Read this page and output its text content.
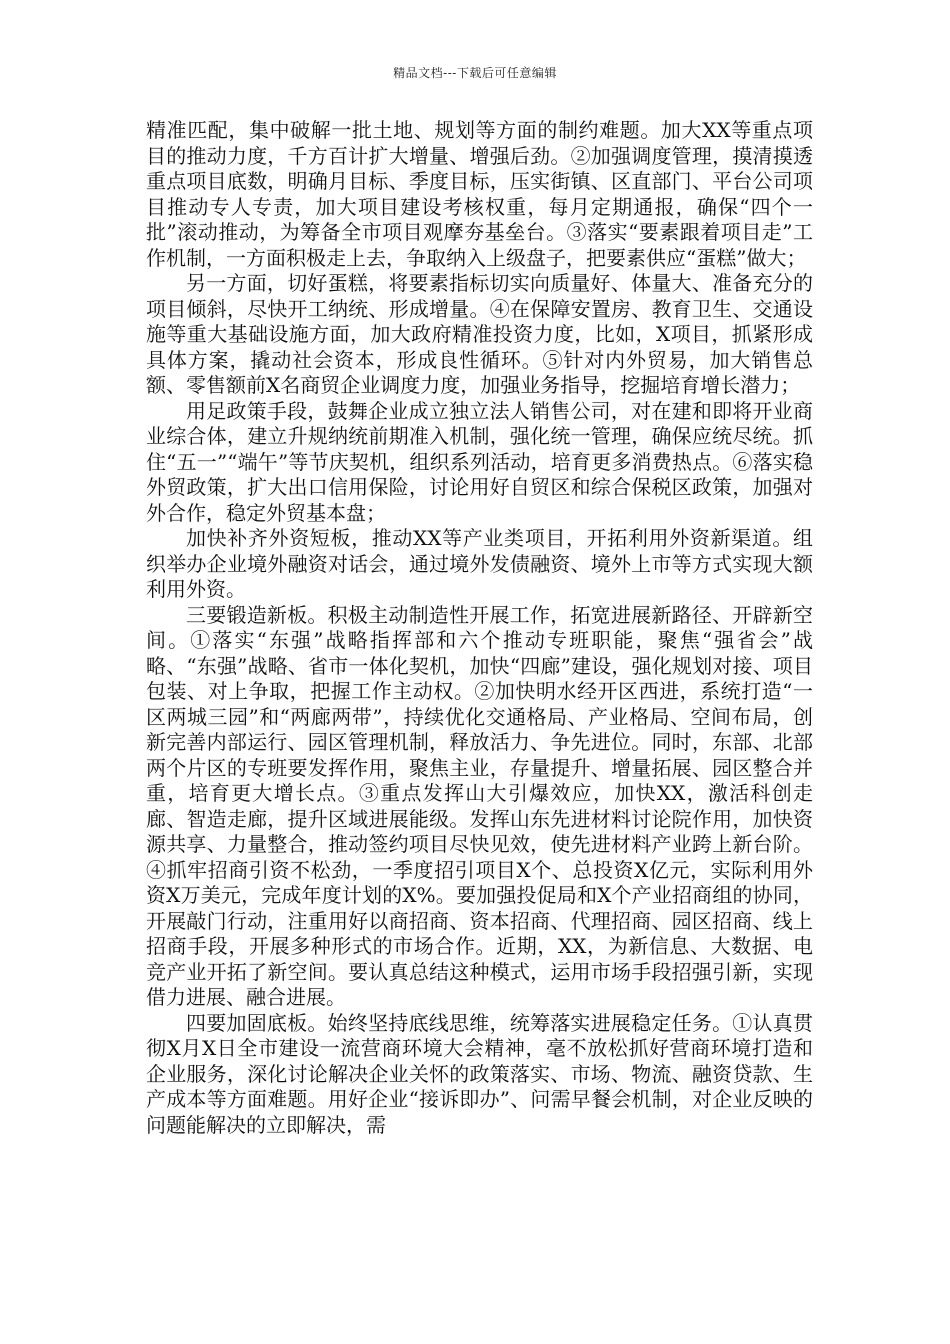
精品文档---下载后可任意编辑

精准匹配，集中破解一批土地、规划等方面的制约难题。加大XX等重点项目的推动力度，千方百计扩大增量、增强后劲。②加强调度管理，摸清摸透重点项目底数，明确月目标、季度目标，压实街镇、区直部门、平台公司项目推动专人专责，加大项目建设考核权重，每月定期通报，确保“四个一批”滚动推动，为筹备全市项目观摩夯基垒台。③落实“要素跟着项目走”工作机制，一方面积极走上去，争取纳入上级盘子，把要素供应“蛋糕”做大；

另一方面，切好蛋糕，将要素指标切实向质量好、体量大、准备充分的项目倾斜，尽快开工纳统、形成增量。④在保障安置房、教育卫生、交通设施等重大基础设施方面，加大政府精准投资力度，比如，X项目，抓紧形成具体方案，撬动社会资本，形成良性循环。⑤针对内外贸易，加大销售总额、零售额前X名商贸企业调度力度，加强业务指导，挖掘培育增长潜力；

用足政策手段，鼓舞企业成立独立法人销售公司，对在建和即将开业商业综合体，建立升规纳统前期准入机制，强化统一管理，确保应统尽统。抓住“五一”“端午”等节庆契机，组织系列活动，培育更多消费热点。⑥落实稳外贸政策，扩大出口信用保险，讨论用好自贸区和综合保税区政策，加强对外合作，稳定外贸基本盘；

加快补齐外资短板，推动XX等产业类项目，开拓利用外资新渠道。组织举办企业境外融资对话会，通过境外发债融资、境外上市等方式实现大额利用外资。

三要锻造新板。积极主动制造性开展工作，拓宽进展新路径、开辟新空间。①落实“东强”战略指挥部和六个推动专班职能，聚焦“强省会”战略、“东强”战略、省市一体化契机，加快“四廊”建设，强化规划对接、项目包装、对上争取，把握工作主动权。②加快明水经开区西进，系统打造“一区两城三园”和“两廊两带”，持续优化交通格局、产业格局、空间布局，创新完善内部运行、园区管理机制，释放活力、争先进位。同时，东部、北部两个片区的专班要发挥作用，聚焦主业，存量提升、增量拓展、园区整合并重，培育更大增长点。③重点发挥山大引爆效应，加快XX，激活科创走廊、智造走廊，提升区域进展能级。发挥山东先进材料讨论院作用，加快资源共享、力量整合，推动签约项目尽快见效，使先进材料产业跨上新台阶。④抓牢招商引资不松劲，一季度招引项目X个、总投资X亿元，实际利用外资X万美元，完成年度计划的X%。要加强投促局和X个产业招商组的协同，开展敲门行动，注重用好以商招商、资本招商、代理招商、园区招商、线上招商手段，开展多种形式的市场合作。近期，XX，为新信息、大数据、电竞产业开拓了新空间。要认真总结这种模式，运用市场手段招强引新，实现借力进展、融合进展。

四要加固底板。始终坚持底线思维，统筹落实进展稳定任务。①认真贯彻X月X日全市建设一流营商环境大会精神，毫不放松抓好营商环境打造和企业服务，深化讨论解决企业关怀的政策落实、市场、物流、融资贷款、生产成本等方面难题。用好企业“接诉即办”、问需早餐会机制，对企业反映的问题能解决的立即解决，需
